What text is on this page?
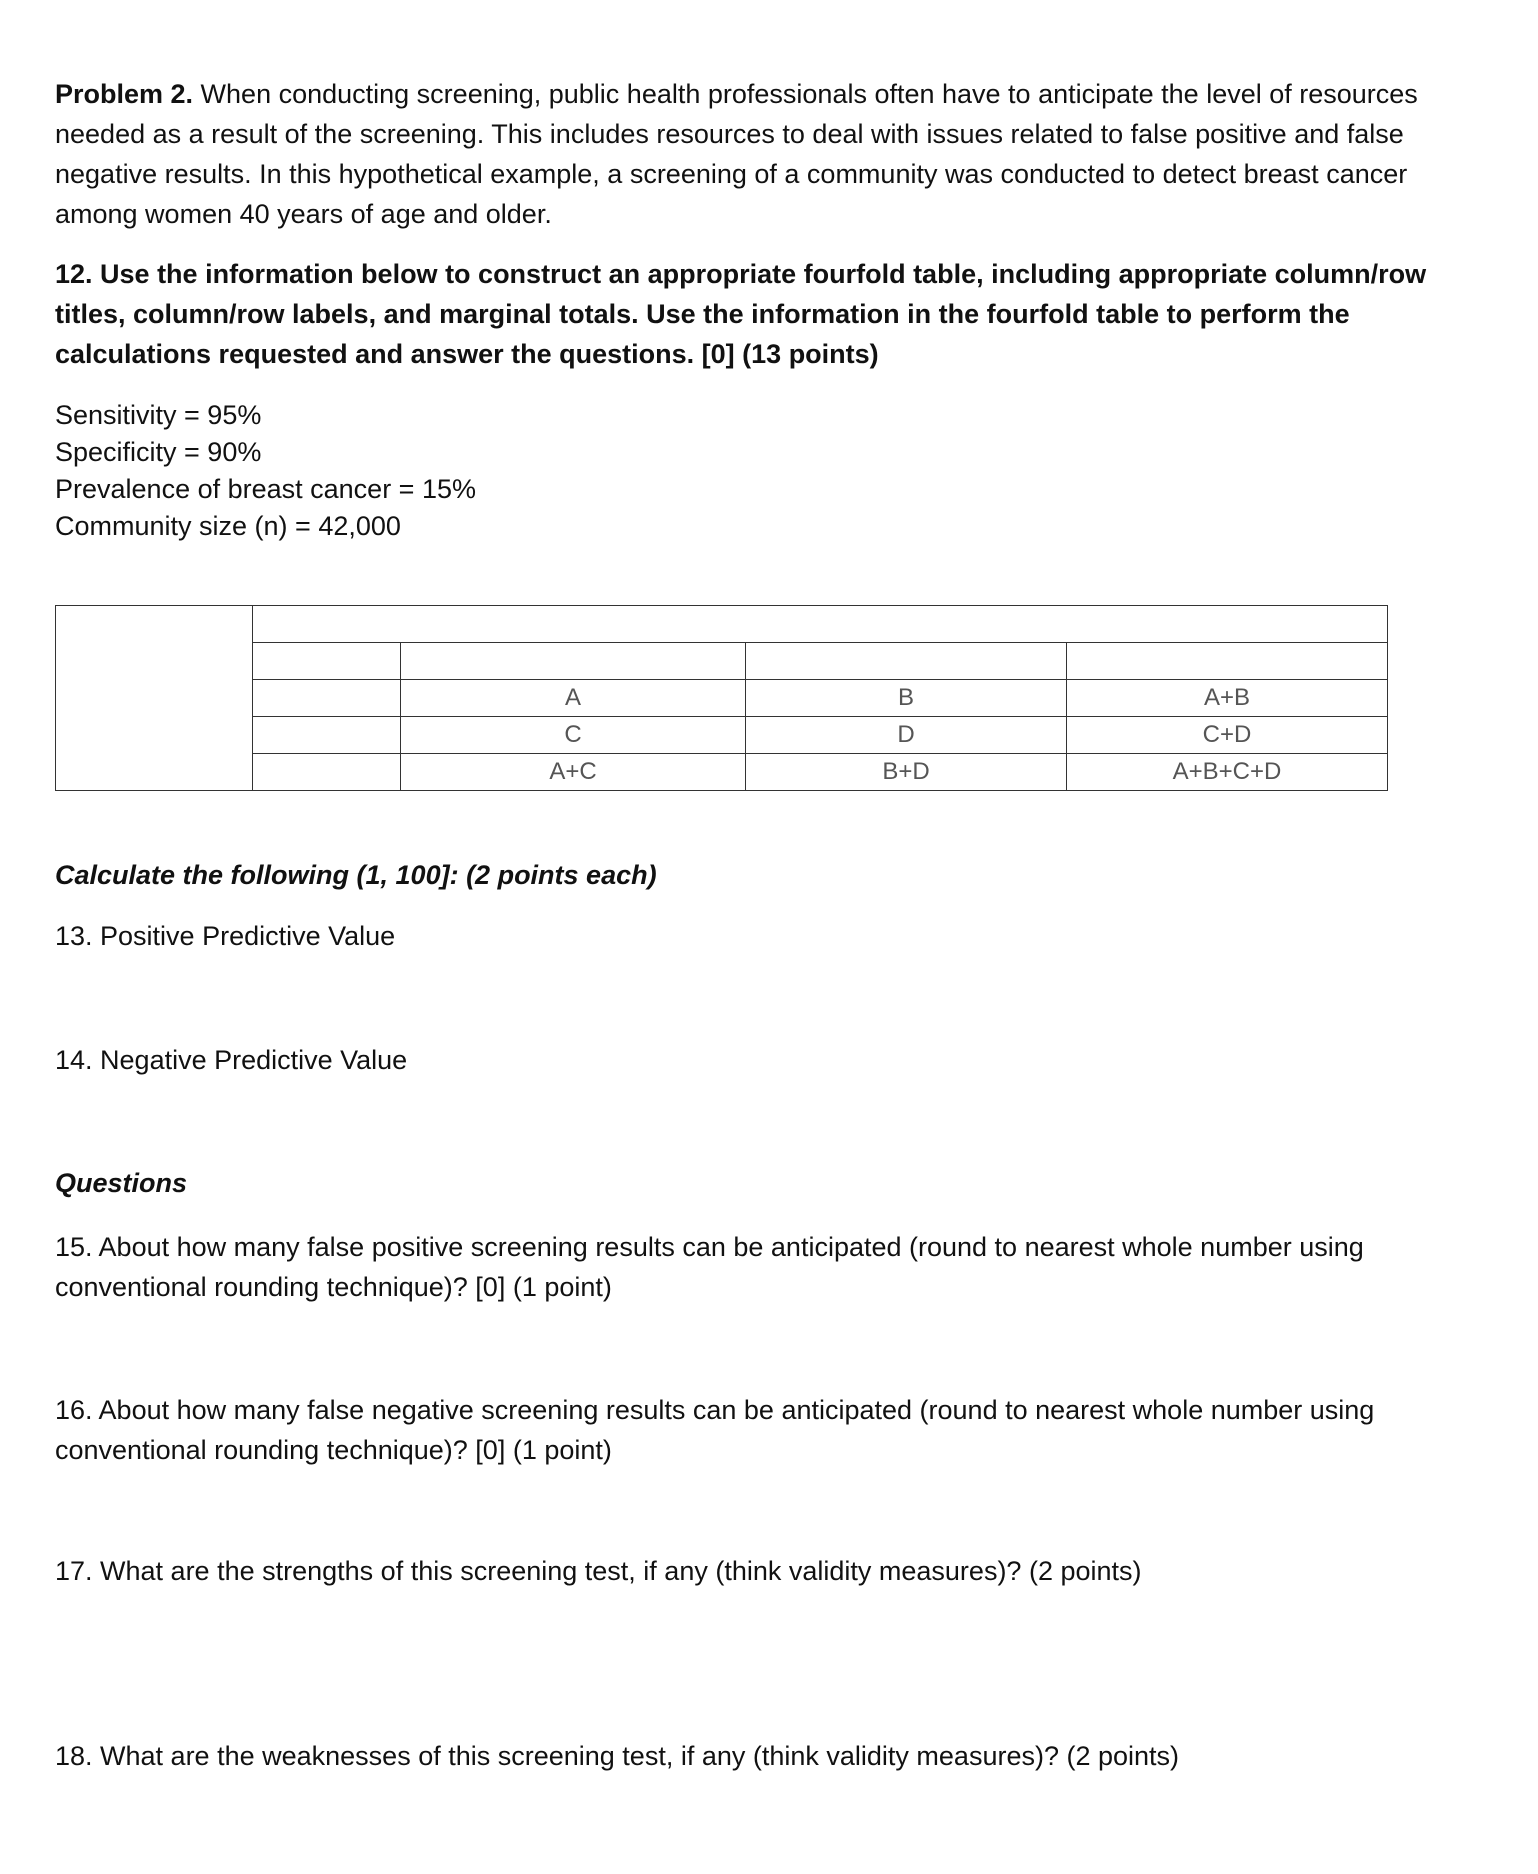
Problem 2. When conducting screening, public health professionals often have to anticipate the level of resources needed as a result of the screening. This includes resources to deal with issues related to false positive and false negative results. In this hypothetical example, a screening of a community was conducted to detect breast cancer among women 40 years of age and older.

12. Use the information below to construct an appropriate fourfold table, including appropriate column/row titles, column/row labels, and marginal totals. Use the information in the fourfold table to perform the calculations requested and answer the questions. [0] (13 points)

Sensitivity = 95%
Specificity = 90%
Prevalence of breast cancer = 15%
Community size (n) = 42,000

		A	B	A+B
		C	D	C+D
		A+C	B+D	A+B+C+D

Calculate the following (1, 100]: (2 points each)

13. Positive Predictive Value

14. Negative Predictive Value

Questions

15. About how many false positive screening results can be anticipated (round to nearest whole number using conventional rounding technique)? [0] (1 point)

16. About how many false negative screening results can be anticipated (round to nearest whole number using conventional rounding technique)? [0] (1 point)

17. What are the strengths of this screening test, if any (think validity measures)? (2 points)

18. What are the weaknesses of this screening test, if any (think validity measures)? (2 points)
